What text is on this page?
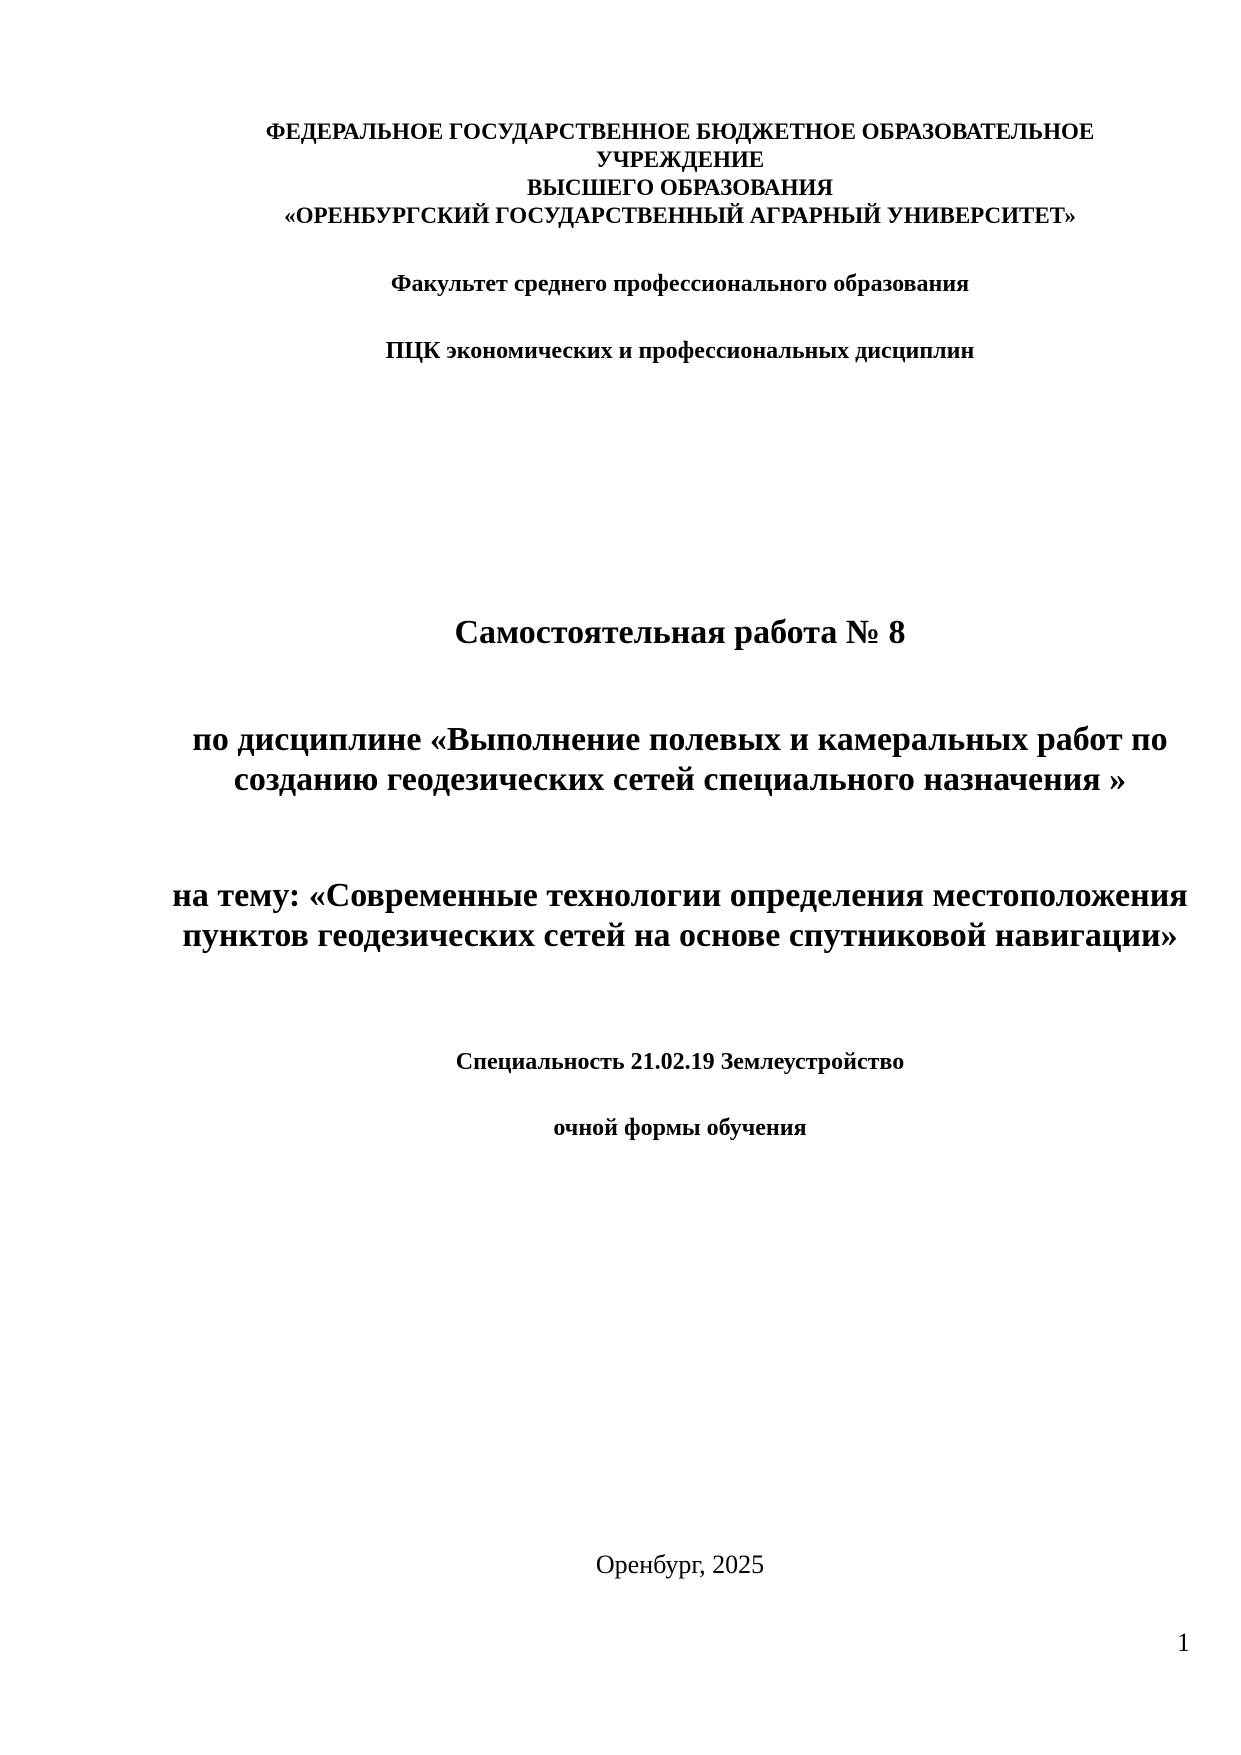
ФЕДЕРАЛЬНОЕ ГОСУДАРСТВЕННОЕ БЮДЖЕТНОЕ ОБРАЗОВАТЕЛЬНОЕ
УЧРЕЖДЕНИЕ
ВЫСШЕГО ОБРАЗОВАНИЯ
«ОРЕНБУРГСКИЙ ГОСУДАРСТВЕННЫЙ АГРАРНЫЙ УНИВЕРСИТЕТ»
Факультет среднего профессионального образования
ПЦК экономических и профессиональных дисциплин
Самостоятельная работа № 8
по дисциплине «Выполнение полевых и камеральных работ по созданию геодезических сетей специального назначения »
на тему: «Современные технологии определения местоположения пунктов геодезических сетей на основе спутниковой навигации»
Специальность 21.02.19 Землеустройство
очной формы обучения
Оренбург, 2025
1
